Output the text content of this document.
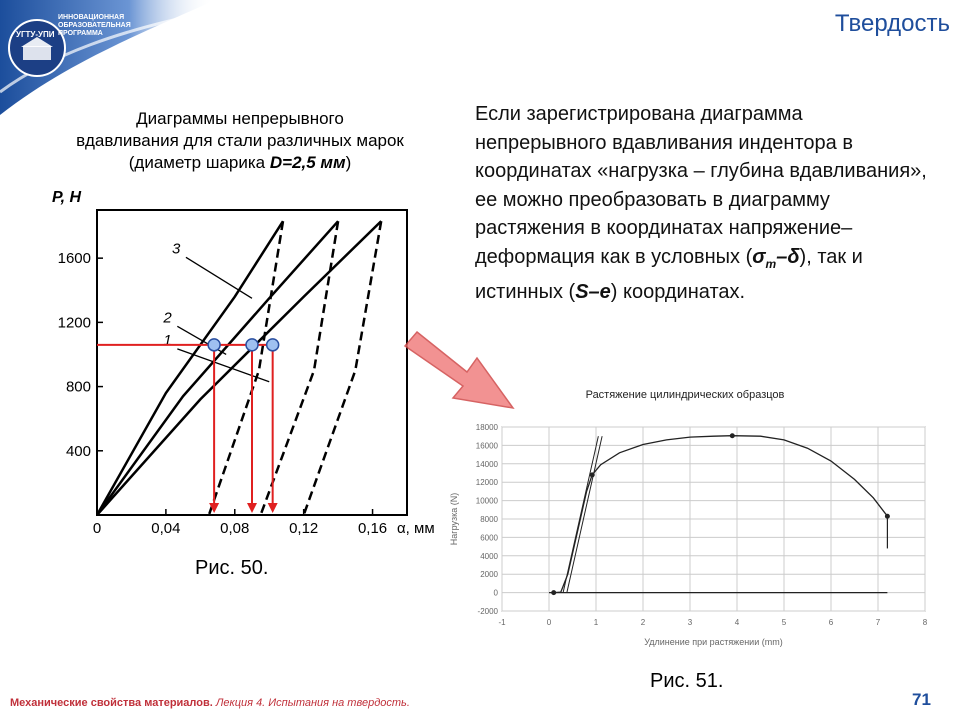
УГТУ-УПИ
ИННОВАЦИОННАЯ
ОБРАЗОВАТЕЛЬНАЯ
ПРОГРАММА	Твердость
Диаграммы непрерывного
вдавливания для стали различных марок
(диаметр шарика D=2,5 мм)
0	0,04	0,08	0,12	0,16
400
800
1200
1600
P, Н
α, мм
1
2
3
Если зарегистрирована диаграмма непрерывного вдавливания индентора в координатах «нагрузка – глубина вдавливания», ее можно преобразовать в диаграмму растяжения в координатах напряжение–деформация как в условных $(\sigma_т-\delta)$, так и истинных (S–e) координатах.
Растяжение цилиндрических образцов
-1	0	1	2	3	4	5	6	7	8
-2000
0
2000
4000
6000
8000
10000
12000
14000
16000
18000
Удлинение при растяжении (mm)
Нагрузка (N)
Рис. 50.
Рис. 51.
Механические свойства материалов. Лекция 4. Испытания на твердость.	71
